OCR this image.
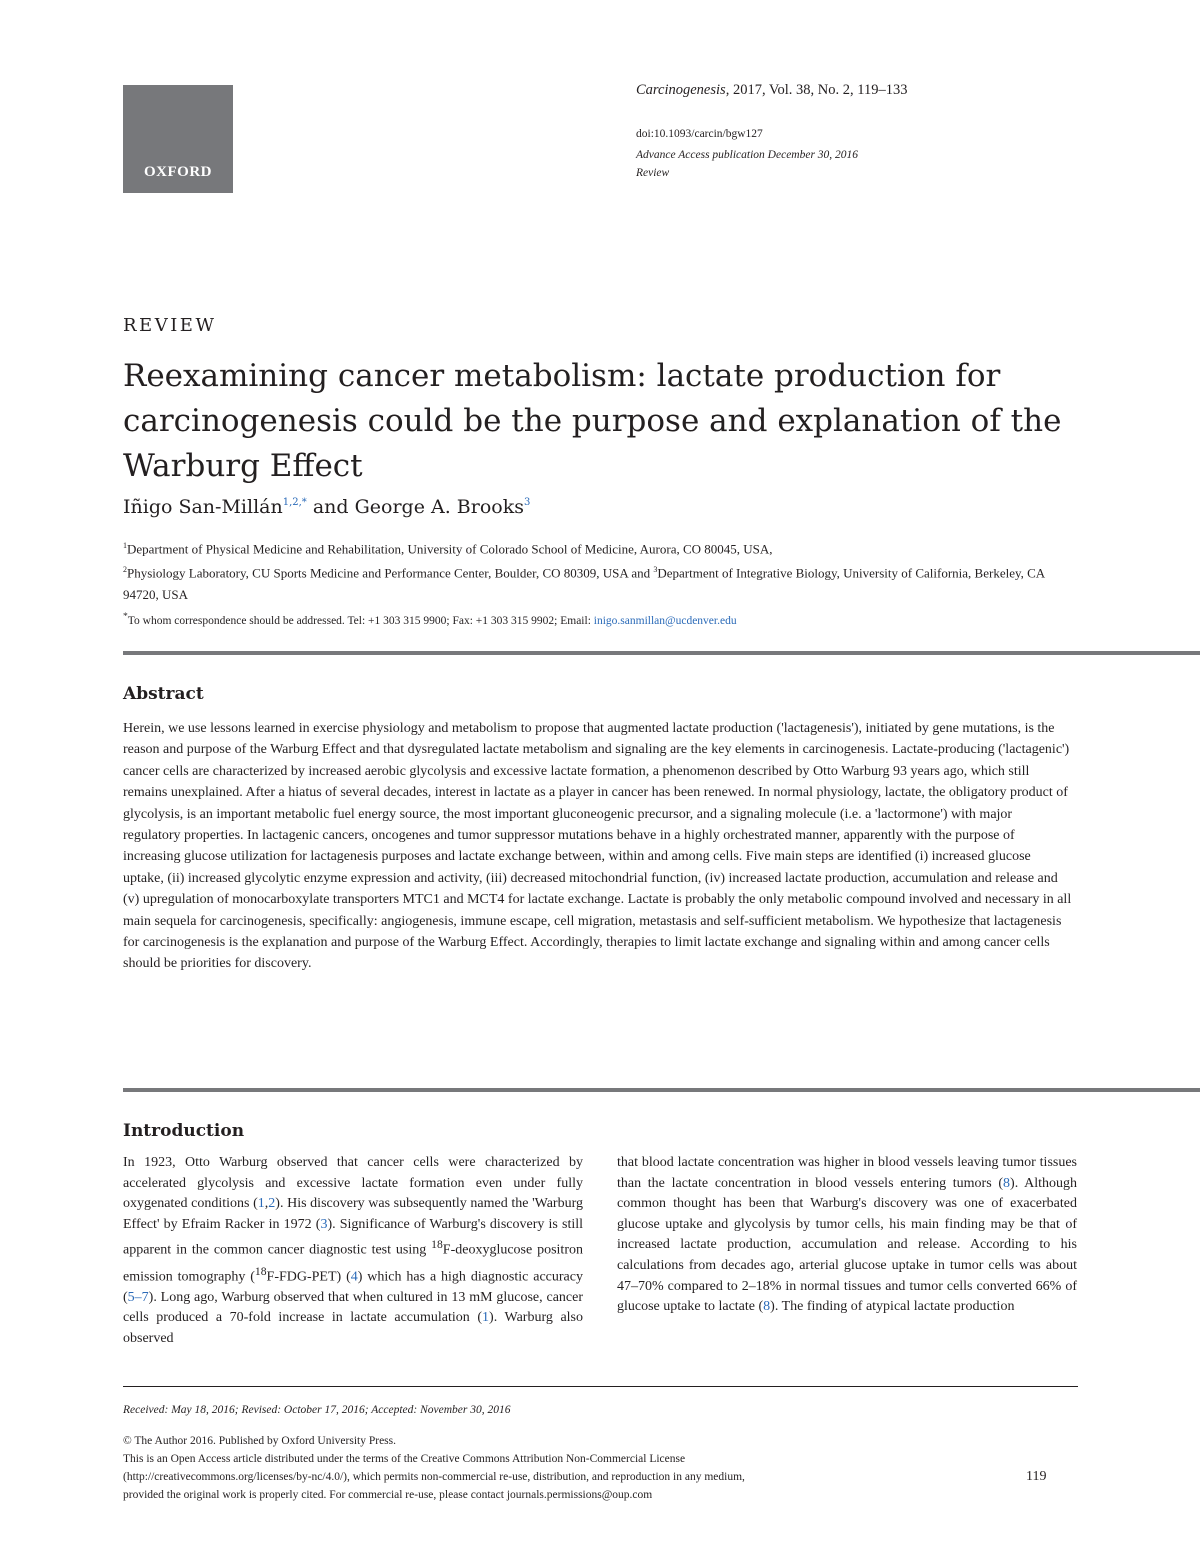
OXFORD
Carcinogenesis, 2017, Vol. 38, No. 2, 119–133
doi:10.1093/carcin/bgw127
Advance Access publication December 30, 2016
Review
REVIEW
Reexamining cancer metabolism: lactate production for carcinogenesis could be the purpose and explanation of the Warburg Effect
Iñigo San-Millán$^{1,2,*}$ and George A. Brooks$^3$
$^1$Department of Physical Medicine and Rehabilitation, University of Colorado School of Medicine, Aurora, CO 80045, USA,
$^2$Physiology Laboratory, CU Sports Medicine and Performance Center, Boulder, CO 80309, USA and $^3$Department of Integrative Biology, University of California, Berkeley, CA 94720, USA
*To whom correspondence should be addressed. Tel: +1 303 315 9900; Fax: +1 303 315 9902; Email: inigo.sanmillan@ucdenver.edu
Abstract

Herein, we use lessons learned in exercise physiology and metabolism to propose that augmented lactate production ('lactagenesis'), initiated by gene mutations, is the reason and purpose of the Warburg Effect and that dysregulated lactate metabolism and signaling are the key elements in carcinogenesis. Lactate-producing ('lactagenic') cancer cells are characterized by increased aerobic glycolysis and excessive lactate formation, a phenomenon described by Otto Warburg 93 years ago, which still remains unexplained. After a hiatus of several decades, interest in lactate as a player in cancer has been renewed. In normal physiology, lactate, the obligatory product of glycolysis, is an important metabolic fuel energy source, the most important gluconeogenic precursor, and a signaling molecule (i.e. a 'lactormone') with major regulatory properties. In lactagenic cancers, oncogenes and tumor suppressor mutations behave in a highly orchestrated manner, apparently with the purpose of increasing glucose utilization for lactagenesis purposes and lactate exchange between, within and among cells. Five main steps are identified (i) increased glucose uptake, (ii) increased glycolytic enzyme expression and activity, (iii) decreased mitochondrial function, (iv) increased lactate production, accumulation and release and (v) upregulation of monocarboxylate transporters MTC1 and MCT4 for lactate exchange. Lactate is probably the only metabolic compound involved and necessary in all main sequela for carcinogenesis, specifically: angiogenesis, immune escape, cell migration, metastasis and self-sufficient metabolism. We hypothesize that lactagenesis for carcinogenesis is the explanation and purpose of the Warburg Effect. Accordingly, therapies to limit lactate exchange and signaling within and among cancer cells should be priorities for discovery.

Introduction

In 1923, Otto Warburg observed that cancer cells were characterized by accelerated glycolysis and excessive lactate formation even under fully oxygenated conditions (1,2). His discovery was subsequently named the 'Warburg Effect' by Efraim Racker in 1972 (3). Significance of Warburg's discovery is still apparent in the common cancer diagnostic test using $^{18}$F-deoxyglucose positron emission tomography ($^{18}$F-FDG-PET) (4) which has a high diagnostic accuracy (5–7). Long ago, Warburg observed that when cultured in 13 mM glucose, cancer cells produced a 70-fold increase in lactate accumulation (1). Warburg also observed

that blood lactate concentration was higher in blood vessels leaving tumor tissues than the lactate concentration in blood vessels entering tumors (8). Although common thought has been that Warburg's discovery was one of exacerbated glucose uptake and glycolysis by tumor cells, his main finding may be that of increased lactate production, accumulation and release. According to his calculations from decades ago, arterial glucose uptake in tumor cells was about 47–70% compared to 2–18% in normal tissues and tumor cells converted 66% of glucose uptake to lactate (8). The finding of atypical lactate production

Received: May 18, 2016; Revised: October 17, 2016; Accepted: November 30, 2016
© The Author 2016. Published by Oxford University Press.
This is an Open Access article distributed under the terms of the Creative Commons Attribution Non-Commercial License
(http://creativecommons.org/licenses/by-nc/4.0/), which permits non-commercial re-use, distribution, and reproduction in any medium,
provided the original work is properly cited. For commercial re-use, please contact journals.permissions@oup.com
119
